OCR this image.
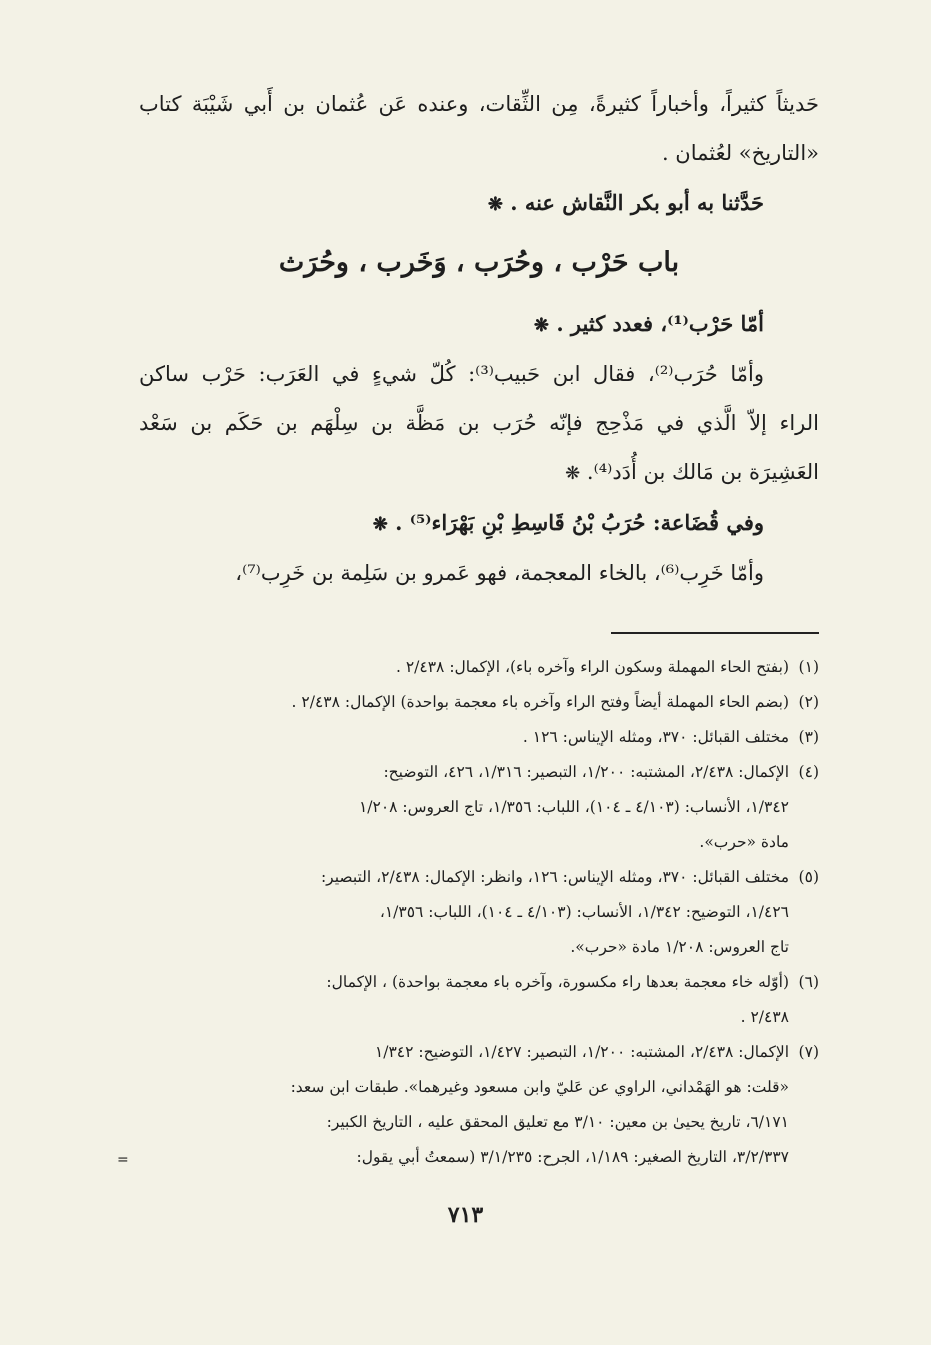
حَديثاً كثيراً، وأخباراً كثيرةً، مِن الثِّقات، وعنده عَن عُثمان بن أَبي شَيْبَة كتاب

«التاريخ» لعُثمان .

حَدَّثنا به أبو بكر النَّقاش عنه . ❋

باب حَرْب ، وحُرَب ، وَخَرب ، وحُرَث

أمّا حَرْب⁽¹⁾، فعدد كثير . ❋

وأمّا حُرَب⁽²⁾، فقال ابن حَبيب⁽³⁾: كُلّ شيءٍ في العَرَب: حَرْب ساكن

الراء إلاّ الَّذي في مَذْحِج فإنّه حُرَب بن مَظَّة بن سِلْهَم بن حَكَم بن سَعْد

العَشِيرَة بن مَالك بن أُدَد⁽⁴⁾. ❋

وفي قُضَاعة: حُرَبُ بْنُ قَاسِطِ بْنِ بَهْرَاء⁽⁵⁾ . ❋

وأمّا خَرِب⁽⁶⁾، بالخاء المعجمة، فهو عَمرو بن سَلِمة بن خَرِب⁽⁷⁾،

(١)
(بفتح الحاء المهملة وسكون الراء وآخره باء)، الإكمال: ٢/٤٣٨ .
(٢)
(بضم الحاء المهملة أيضاً وفتح الراء وآخره باء معجمة بواحدة) الإكمال: ٢/٤٣٨ .
(٣)
مختلف القبائل: ٣٧٠، ومثله الإيناس: ١٢٦ .
(٤)
الإكمال: ٢/٤٣٨، المشتبه: ١/٢٠٠، التبصير: ١/٣١٦، ٤٢٦، التوضيح:
١/٣٤٢، الأنساب: (٤/١٠٣ ـ ١٠٤)، اللباب: ١/٣٥٦، تاج العروس: ١/٢٠٨
مادة «حرب».
(٥)
مختلف القبائل: ٣٧٠، ومثله الإيناس: ١٢٦، وانظر: الإكمال: ٢/٤٣٨، التبصير:
١/٤٢٦، التوضيح: ١/٣٤٢، الأنساب: (٤/١٠٣ ـ ١٠٤)، اللباب: ١/٣٥٦،
تاج العروس: ١/٢٠٨ مادة «حرب».
(٦)
(أوّله خاء معجمة بعدها راء مكسورة، وآخره باء معجمة بواحدة) ، الإكمال:
٢/٤٣٨ .
(٧)
الإكمال: ٢/٤٣٨، المشتبه: ١/٢٠٠، التبصير: ١/٤٢٧، التوضيح: ١/٣٤٢
«قلت: هو الهَمْداني، الراوي عن عَليّ وابن مسعود وغيرهما». طبقات ابن سعد:
٦/١٧١، تاريخ يحيىٰ بن معين: ٣/١٠ مع تعليق المحقق عليه ، التاريخ الكبير:
٣/٢/٣٣٧، التاريخ الصغير: ١/١٨٩، الجرح: ٣/١/٢٣٥ (سمعتُ أبي يقول:
=
٧١٣
